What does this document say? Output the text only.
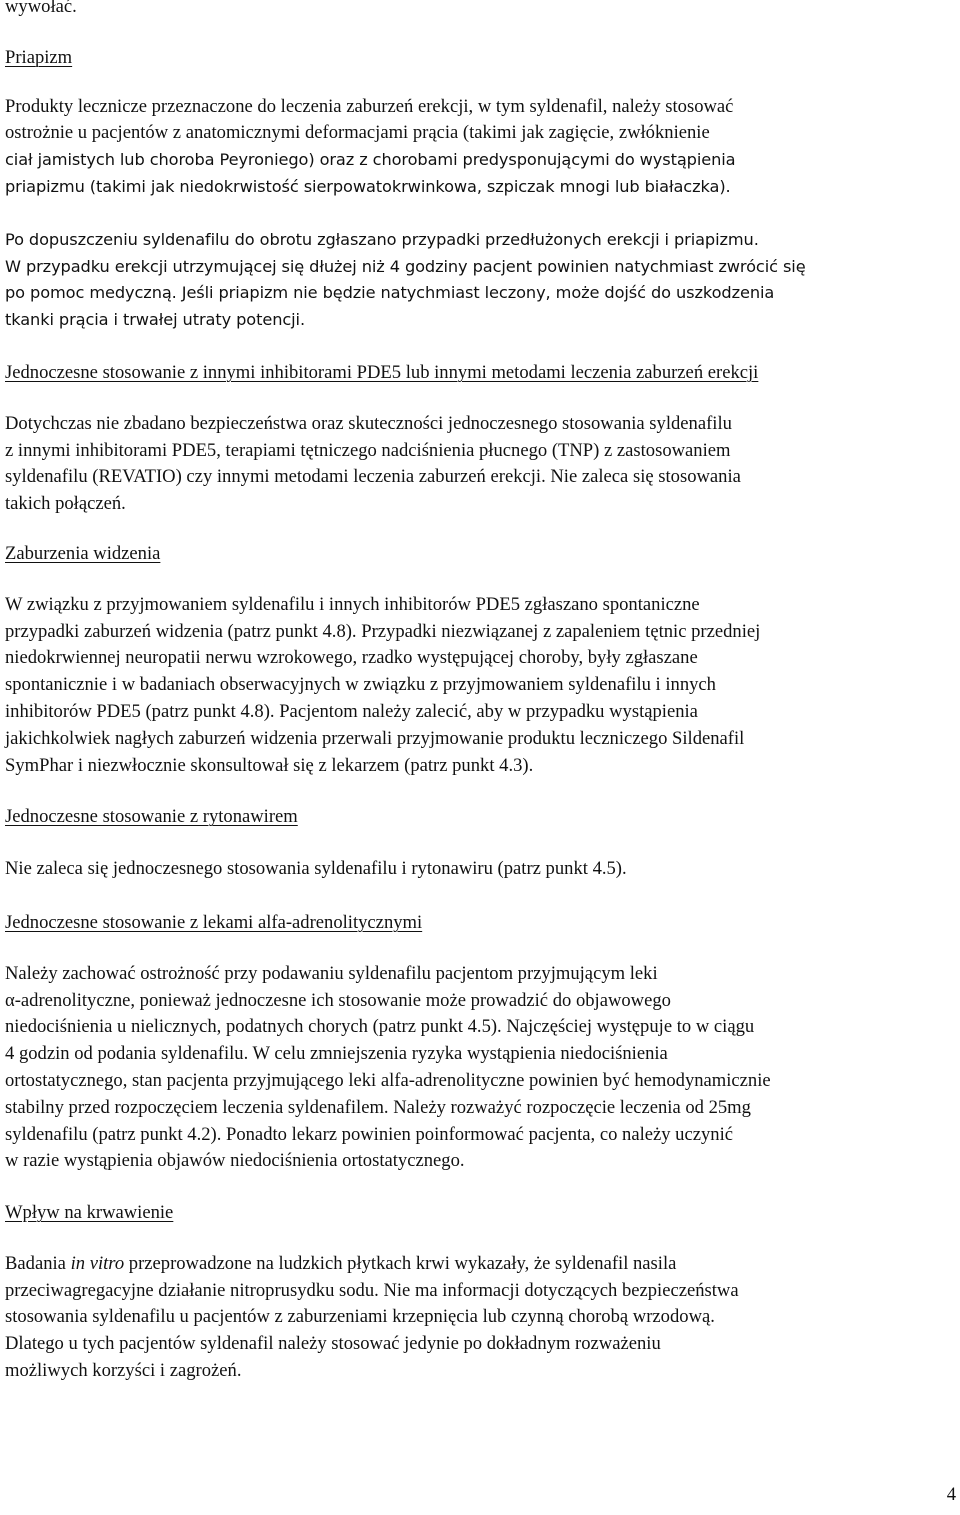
wywołać.
Priapizm
Produkty lecznicze przeznaczone do leczenia zaburzeń erekcji, w tym syldenafil, należy stosować
ostrożnie u pacjentów z anatomicznymi deformacjami prącia (takimi jak zagięcie, zwłóknienie
ciał jamistych lub choroba Peyroniego) oraz z chorobami predysponującymi do wystąpienia
priapizmu (takimi jak niedokrwistość sierpowatokrwinkowa, szpiczak mnogi lub białaczka).
Po dopuszczeniu syldenafilu do obrotu zgłaszano przypadki przedłużonych erekcji i priapizmu.
W przypadku erekcji utrzymującej się dłużej niż 4 godziny pacjent powinien natychmiast zwrócić się
po pomoc medyczną. Jeśli priapizm nie będzie natychmiast leczony, może dojść do uszkodzenia
tkanki prącia i trwałej utraty potencji.
Jednoczesne stosowanie z innymi inhibitorami PDE5 lub innymi metodami leczenia zaburzeń erekcji
Dotychczas nie zbadano bezpieczeństwa oraz skuteczności jednoczesnego stosowania syldenafilu
z innymi inhibitorami PDE5, terapiami tętniczego nadciśnienia płucnego (TNP) z zastosowaniem
syldenafilu (REVATIO) czy innymi metodami leczenia zaburzeń erekcji. Nie zaleca się stosowania
takich połączeń.
Zaburzenia widzenia
W związku z przyjmowaniem syldenafilu i innych inhibitorów PDE5 zgłaszano spontaniczne
przypadki zaburzeń widzenia (patrz punkt 4.8). Przypadki niezwiązanej z zapaleniem tętnic przedniej
niedokrwiennej neuropatii nerwu wzrokowego, rzadko występującej choroby, były zgłaszane
spontanicznie i w badaniach obserwacyjnych w związku z przyjmowaniem syldenafilu i innych
inhibitorów PDE5 (patrz punkt 4.8). Pacjentom należy zalecić, aby w przypadku wystąpienia
jakichkolwiek nagłych zaburzeń widzenia przerwali przyjmowanie produktu leczniczego Sildenafil
SymPhar i niezwłocznie skonsultował się z lekarzem (patrz punkt 4.3).
Jednoczesne stosowanie z rytonawirem
Nie zaleca się jednoczesnego stosowania syldenafilu i rytonawiru (patrz punkt 4.5).
Jednoczesne stosowanie z lekami alfa-adrenolitycznymi
Należy zachować ostrożność przy podawaniu syldenafilu pacjentom przyjmującym leki
α-adrenolityczne, ponieważ jednoczesne ich stosowanie może prowadzić do objawowego
niedociśnienia u nielicznych, podatnych chorych (patrz punkt 4.5). Najczęściej występuje to w ciągu
4 godzin od podania syldenafilu. W celu zmniejszenia ryzyka wystąpienia niedociśnienia
ortostatycznego, stan pacjenta przyjmującego leki alfa-adrenolityczne powinien być hemodynamicznie
stabilny przed rozpoczęciem leczenia syldenafilem. Należy rozważyć rozpoczęcie leczenia od 25mg
syldenafilu (patrz punkt 4.2). Ponadto lekarz powinien poinformować pacjenta, co należy uczynić
w razie wystąpienia objawów niedociśnienia ortostatycznego.
Wpływ na krwawienie
Badania in vitro przeprowadzone na ludzkich płytkach krwi wykazały, że syldenafil nasila
przeciwagregacyjne działanie nitroprusydku sodu. Nie ma informacji dotyczących bezpieczeństwa
stosowania syldenafilu u pacjentów z zaburzeniami krzepnięcia lub czynną chorobą wrzodową.
Dlatego u tych pacjentów syldenafil należy stosować jedynie po dokładnym rozważeniu
możliwych korzyści i zagrożeń.
4
